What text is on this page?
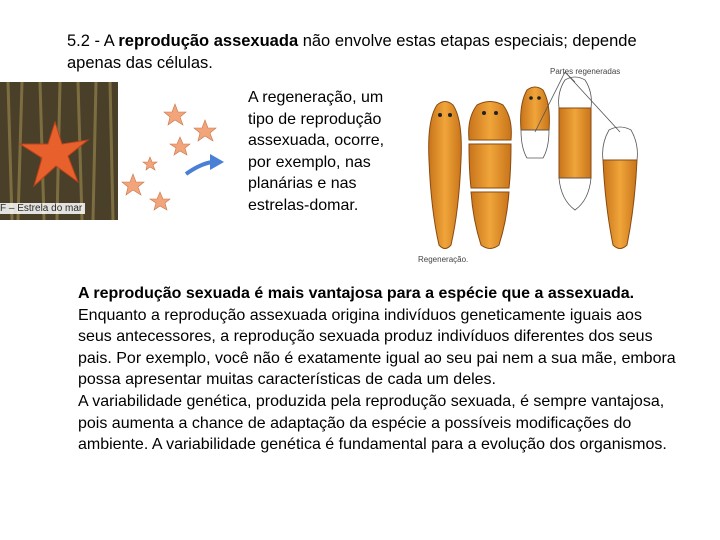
5.2 - A reprodução assexuada não envolve estas etapas especiais; depende apenas das células.
F – Estrela do mar
A regeneração, um tipo de reprodução assexuada, ocorre, por exemplo, nas planárias e nas estrelas-domar.
Partes regeneradas
Regeneração.
A reprodução sexuada é mais vantajosa para a espécie que a assexuada. Enquanto a reprodução assexuada origina indivíduos geneticamente iguais aos seus antecessores, a reprodução sexuada produz indivíduos diferentes dos seus pais. Por exemplo, você não é exatamente igual ao seu pai nem a sua mãe, embora possa apresentar muitas características de cada um deles.
A variabilidade genética, produzida pela reprodução sexuada, é sempre vantajosa, pois aumenta a chance de adaptação da espécie a possíveis modificações do ambiente. A variabilidade genética é fundamental para a evolução dos organismos.
